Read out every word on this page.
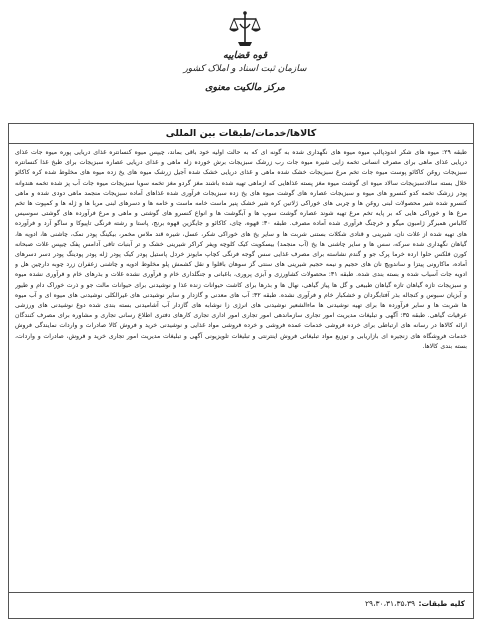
قوه قضاییه
سازمان ثبت اسناد و املاک کشور
مرکز مالکیت معنوی
کالاها/خدمات/طبقات بین المللی
طبقه ۲۹: میوه های شکر اندودپالپ میوه میوه های نگهداری شده به گونه ای که به حالت اولیه خود باقی بماند، چیپس میوه کنسانتره غذای دریایی پوره میوه جات غذای دریایی غذای ماهی برای مصرف انسانی تخمه زایی شیره میوه جات رب زرشک سبزیجات برش خورده زله ماهی و غذای دریایی عصاره سبزیجات برای طبخ غذا کنسانتره سبزیجات روغن کاکائو پوست میوه جات تخم مرغ سبزیجات خشک شده ماهی و غذای دریایی خشک شده آجیل زرشک میوه های یخ زده میوه های مخلوط شده کره کاکائو خلال بسته سالادسبزیجات سالاد میوه ای گوشت میوه مغز پسته غذاهایی که ازماهی تهیه شده باشند مغز گردو مغز تخمه سویا سبزیجات میوه جات آب پز شده تخمه هندوانه پودر زرشک تخمه کدو کنسرو های میوه و سبزیجات عصاره های گوشت میوه های یخ زده سبزیجات فرآوری شده غذاهای آماده سبزیجات منجمد ماهی دودی شده و ماهی کنسرو شده شیر محصولات لبنی روغن ها و چربی های خوراکی ژلاتین کره شیر خشک پنیر ماست خامه ماست و خامه ها و دسرهای لبنی مربا ها و ژله ها و کمپوت ها تخم مرغ ها و خوراکی هایی که بر پایه تخم مرغ تهیه شوند عصاره گوشت سوپ ها و آبگوشت ها و انواع کنسرو های گوشتی و ماهی و مرغ فرآورده های گوشتی سوسیس کالباس همبرگر ژامبون میگو و خرچنگ فرآوری شده آماده مصرف. طبقه ۳۰: قهوه، چای، کاکائو و جایگزین قهوه برنج، پاستا و رشته فرنگی تاپیوکا و ساگو آرد و فرآورده های تهیه شده از غلات نان، شیرینی و قنادی شکلات بستنی شربت ها و سایر یخ های خوراکی شکر، عسل، شیره قند ملاس مخمر، بیکینگ پودر نمک، چاشنی ها، ادویه ها، گیاهان نگهداری شده سرکه، سس ها و سایر چاشنی ها یخ (آب منجمد) بیسکویت کیک کلوچه ویفر کراکر شیرینی خشک و تر آبنبات تافی آدامس پفک چیپس غلات صبحانه کورن فلکس حلوا ارده خرما پرک جو و گندم نشاسته برای مصرف غذایی سس گوجه فرنگی کچاپ مایونز خردل پاستیل پودر کیک پودر ژله پودر پودینگ پودر دسر دسرهای آماده، ماکارونی پیتزا و ساندویچ نان های حجیم و نیمه حجیم شیرینی های سنتی گز سوهان باقلوا و نقل کشمش پلو مخلوط ادویه و چاشنی زعفران زرد چوبه دارچین هل و ادویه جات آسیاب شده و بسته بندی شده. طبقه ۳۱: محصولات کشاورزی و آبزی پروری، باغبانی و جنگلداری خام و فرآوری نشده غلات و بذرهای خام و فرآوری نشده میوه و سبزیجات تازه گیاهان تازه گیاهان طبیعی و گل ها پیاز گیاهی، نهال ها و بذرها برای کاشت حیوانات زنده غذا و نوشیدنی برای حیوانات مالت جو و ذرت خوراک دام و طیور و آبزیان سبوس و کنجاله بذر آفتابگردان و خشکبار خام و فرآوری نشده. طبقه ۳۲: آب های معدنی و گازدار و سایر نوشیدنی های غیرالکلی نوشیدنی های میوه ای و آب میوه ها شربت ها و سایر فرآورده ها برای تهیه نوشیدنی ها ماءالشعیر نوشیدنی های انرژی زا نوشابه های گازدار آب آشامیدنی بسته بندی شده دوغ نوشیدنی های ورزشی عرقیات گیاهی. طبقه ۳۵: آگهی و تبلیغات مدیریت امور تجاری سازماندهی امور تجاری امور اداری تجاری کارهای دفتری اطلاع رسانی تجاری و مشاوره برای مصرف کنندگان ارائه کالاها در رسانه های ارتباطی برای خرده فروشی خدمات عمده فروشی و خرده فروشی مواد غذایی و نوشیدنی خرید و فروش کالا صادرات و واردات نمایندگی فروش خدمات فروشگاه های زنجیره ای بازاریابی و توزیع مواد تبلیغاتی فروش اینترنتی و تبلیغات تلویزیونی آگهی و تبلیغات مدیریت امور تجاری خرید و فروش، صادرات و واردات، بسته بندی کالاها.
کلیه طبقات:
۲۹،۳۰،۳۱،۳۵،۳۹
